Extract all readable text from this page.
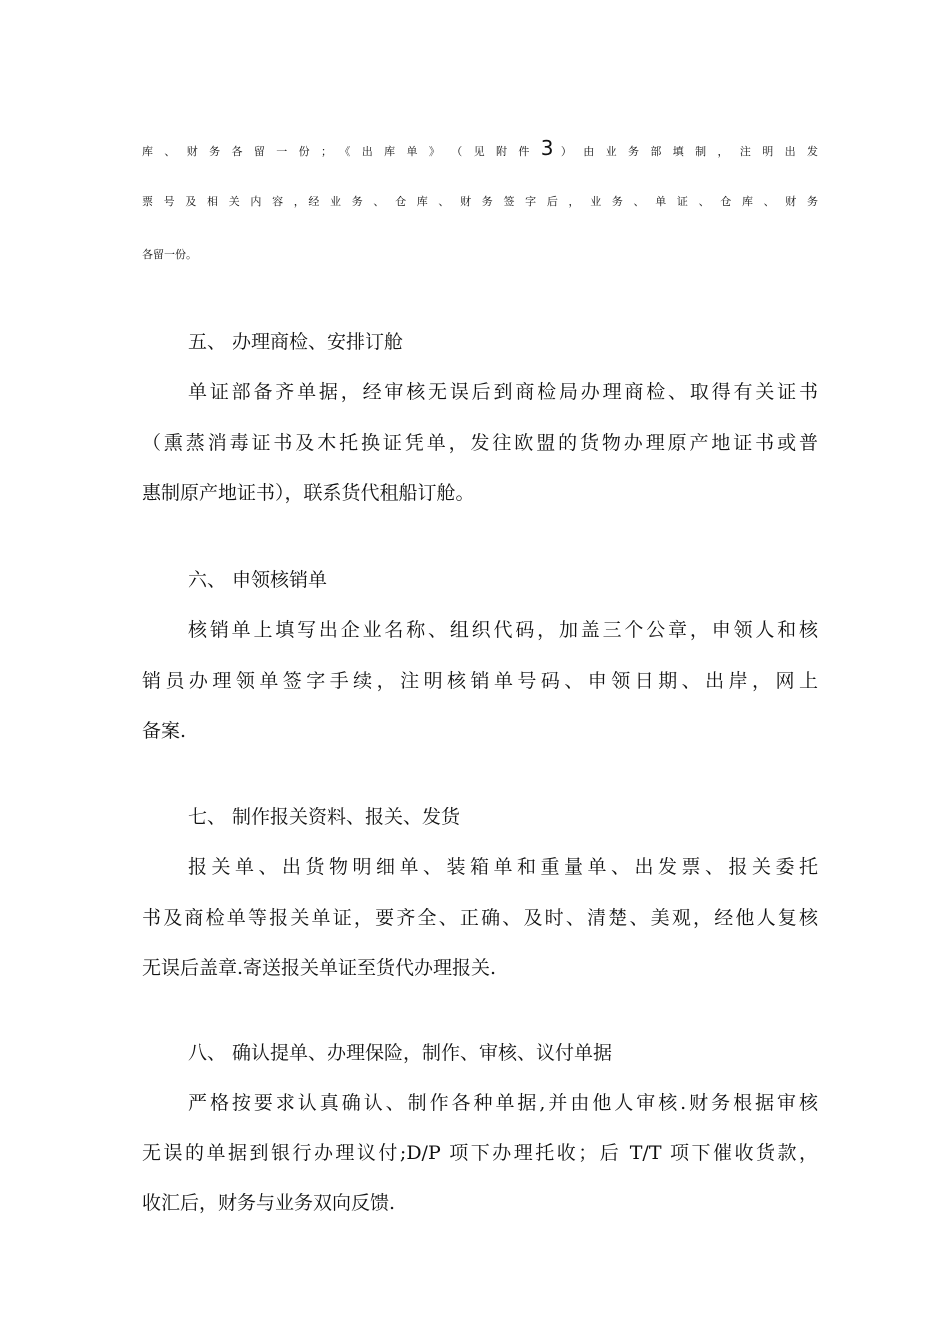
库 、 财 务 各 留 一 份 ； 《 出 库 单 》 （ 见 附 件 3 ） 由 业 务 部 填 制 ， 注 明 出 发
票 号 及 相 关 内 容 ，经 业 务 、 仓 库 、 财 务 签 字 后 ， 业 务 、 单 证 、 仓 库 、 财 务
各留一份。
五、 办理商检、安排订舱
单证部备齐单据，经审核无误后到商检局办理商检、取得有关证书
（熏蒸消毒证书及木托换证凭单，发往欧盟的货物办理原产地证书或普
惠制原产地证书），联系货代租船订舱。
六、 申领核销单
核销单上填写出企业名称、组织代码，加盖三个公章，申领人和核
销员办理领单签字手续，注明核销单号码、申领日期、出岸，网上
备案.
七、 制作报关资料、报关、发货
报关单、出货物明细单、装箱单和重量单、出发票、报关委托
书及商检单等报关单证，要齐全、正确、及时、清楚、美观，经他人复核
无误后盖章.寄送报关单证至货代办理报关.
八、 确认提单、办理保险，制作、审核、议付单据
严格按要求认真确认、制作各种单据,并由他人审核.财务根据审核
无误的单据到银行办理议付;D/P 项下办理托收；后 T/T 项下催收货款，
收汇后，财务与业务双向反馈.
